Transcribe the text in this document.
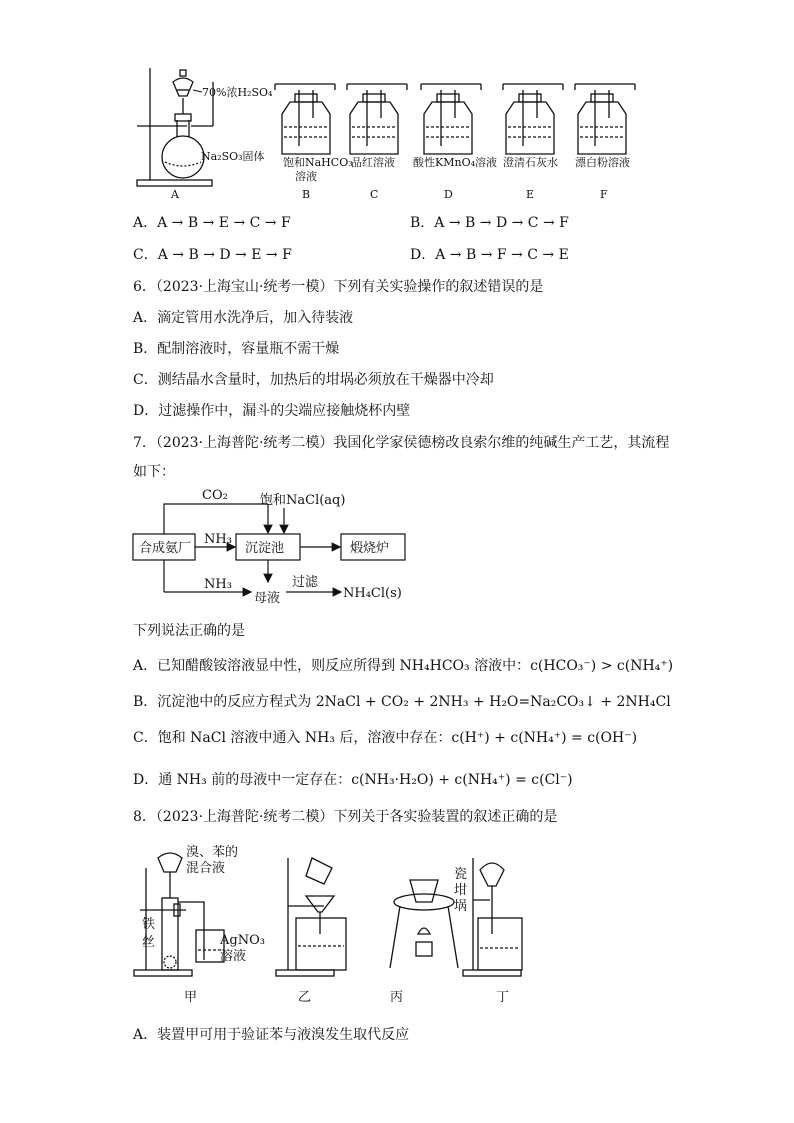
70%浓H₂SO₄
Na₂SO₃固体 饱和NaHCO₃
溶液
品红溶液 酸性KMnO₄溶液 澄清石灰水 漂白粉溶液
A	B	C	D	E	F
A．A → B → E → C → F	B．A → B → D → C → F
C．A → B → D → E → F	D．A → B → F → C → E
6．（2023·上海宝山·统考一模）下列有关实验操作的叙述错误的是
A．滴定管用水洗净后，加入待装液
B．配制溶液时，容量瓶不需干燥
C．测结晶水含量时，加热后的坩埚必须放在干燥器中冷却
D．过滤操作中，漏斗的尖端应接触烧杯内壁
7．（2023·上海普陀·统考二模）我国化学家侯德榜改良索尔维的纯碱生产工艺，其流程
如下：
CO₂ 饱和NaCl(aq)
合成氨厂
NH₃
沉淀池	煅烧炉
NH₃	过滤
母液	NH₄Cl(s)
下列说法正确的是
A．已知醋酸铵溶液显中性，则反应所得到 NH₄HCO₃ 溶液中：c(HCO₃⁻) > c(NH₄⁺)
B．沉淀池中的反应方程式为 2NaCl + CO₂ + 2NH₃ + H₂O=Na₂CO₃↓ + 2NH₄Cl
C．饱和 NaCl 溶液中通入 NH₃ 后，溶液中存在：c(H⁺) + c(NH₄⁺) = c(OH⁻)
D．通 NH₃ 前的母液中一定存在：c(NH₃·H₂O) + c(NH₄⁺) = c(Cl⁻)
8．（2023·上海普陀·统考二模）下列关于各实验装置的叙述正确的是
溴、苯的
混合液
铁
丝	AgNO₃
溶液
瓷
坩
埚
甲	乙	丙	丁
A．装置甲可用于验证苯与液溴发生取代反应
